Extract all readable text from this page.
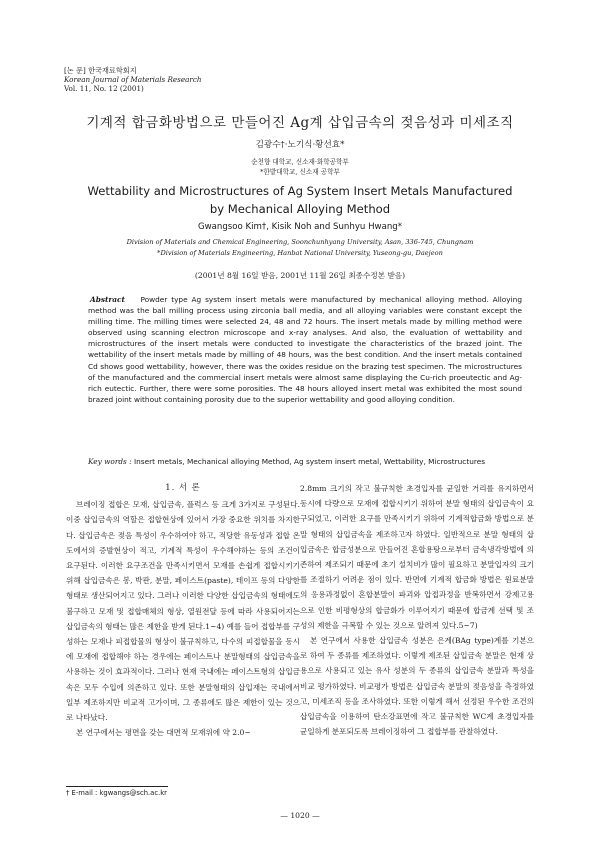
[논 문] 한국재료학회지
Korean Journal of Materials Research
Vol. 11, No. 12 (2001)
기계적 합금화방법으로 만들어진 Ag계 삽입금속의 젖음성과 미세조직
김광수†·노기식·황선효*
순천향 대학교, 신소재·화학공학부
*한밭대학교, 신소재 공학부
Wettability and Microstructures of Ag System Insert Metals Manufactured
by Mechanical Alloying Method
Gwangsoo Kim†, Kisik Noh and Sunhyu Hwang*
Division of Materials and Chemical Engineering, Soonchunhyang University, Asan, 336-745, Chungnam
*Division of Materials Engineering, Hanbat National University, Yuseong-gu, Daejeon
(2001년 8월 16일 받음, 2001년 11월 26일 최종수정본 받음)
Abstract Powder type Ag system insert metals were manufactured by mechanical alloying method. Alloying method was the ball milling process using zirconia ball media, and all alloying variables were constant except the milling time. The milling times were selected 24, 48 and 72 hours. The insert metals made by milling method were observed using scanning electron microscope and x-ray analyses. And also, the evaluation of wettability and microstructures of the insert metals were conducted to investigate the characteristics of the brazed joint. The wettability of the insert metals made by milling of 48 hours, was the best condition. And the insert metals contained Cd shows good wettability, however, there was the oxides residue on the brazing test specimen. The microstructures of the manufactured and the commercial insert metals were almost same displaying the Cu-rich proeutectic and Ag-rich eutectic. Further, there were some porosities. The 48 hours alloyed insert metal was exhibited the most sound brazed joint without containing porosity due to the superior wettability and good alloying condition.
Key words : Insert metals, Mechanical alloying Method, Ag system insert metal, Wettability, Microstructures
1. 서 론

브레이징 접합은 모재, 삽입금속, 플럭스 등 크게 3가지로 구성된다. 이중 삽입금속의 역할은 접합현상에 있어서 가장 중요한 위치를 차지한다. 삽입금속은 젖음 특성이 우수하여야 하고, 적당한 유동성과 접합 온도에서의 증발현상이 적고, 기계적 특성이 우수해야하는 등의 조건이 요구된다. 이러한 요구조건을 만족시키면서 모재를 손쉽게 접합시키기 위해 삽입금속은 봉, 박판, 분말, 페이스트(paste), 테이프 등의 다양한 형태로 생산되어지고 있다. 그러나 이러한 다양한 삽입금속의 형태에도 불구하고 모재 및 접합매체의 형상, 열원전달 등에 따라 사용되어지는 삽입금속의 형태는 많은 제한을 받게 된다.1~4) 예를 들어 접합부를 구성하는 모재나 피접합물의 형상이 불규칙하고, 다수의 피접합물을 동시에 모재에 접합해야 하는 경우에는 페이스트나 분말형태의 삽입금속을 사용하는 것이 효과적이다. 그러나 현재 국내에는 페이스트형의 삽입금속은 모두 수입에 의존하고 있다. 또한 분말형태의 삽입재는 국내에서 일부 제조하지만 비교적 고가이며, 그 종류에도 많은 제한이 있는 것으로 나타났다.

본 연구에서는 평면을 갖는 대면적 모재위에 약 2.0~

2.8mm 크기의 작고 불규칙한 초경입자를 균일한 거리를 유지하면서 동시에 다량으로 모재에 접합시키기 위하여 분말 형태의 삽입금속이 요구되었고, 이러한 요구를 만족시키기 위하여 기계적합금화 방법으로 분말 형태의 삽입금속을 제조하고자 하였다. 일반적으로 분말 형태의 삽입금속은 합금성분으로 만들어진 혼합용탕으로부터 금속냉각방법에 의존하여 제조되기 때문에 초기 설치비가 많이 필요하고 분말입자의 크기를 조절하기 어려운 점이 있다. 반면에 기계적 합금화 방법은 원료분말의 응용과정없이 혼합분말이 파괴와 압접과정을 반복하면서 강제고용으로 인한 비평형상의 합금화가 이루어지기 때문에 합금계 선택 및 조성의 제한을 극복할 수 있는 것으로 알려져 있다.5~7)

본 연구에서 사용한 삽입금속 성분은 은계(BAg type)계를 기본으로 하여 두 종류를 제조하였다. 이렇게 제조된 삽입금속 분말은 현재 상용으로 사용되고 있는 유사 성분의 두 종류의 삽입금속 분말과 특성을 비교 평가하였다. 비교평가 방법은 삽입금속 분말의 젖음성을 측정하였고, 미세조직 등을 조사하였다. 또한 이렇게 해서 선정된 우수한 조건의 삽입금속을 이용하여 탄소강표면에 작고 불규칙한 WC계 초경입자를 균일하게 분포되도록 브레이징하여 그 접합부를 관찰하였다.

† E-mail : kgwangs@sch.ac.kr
— 1020 —
